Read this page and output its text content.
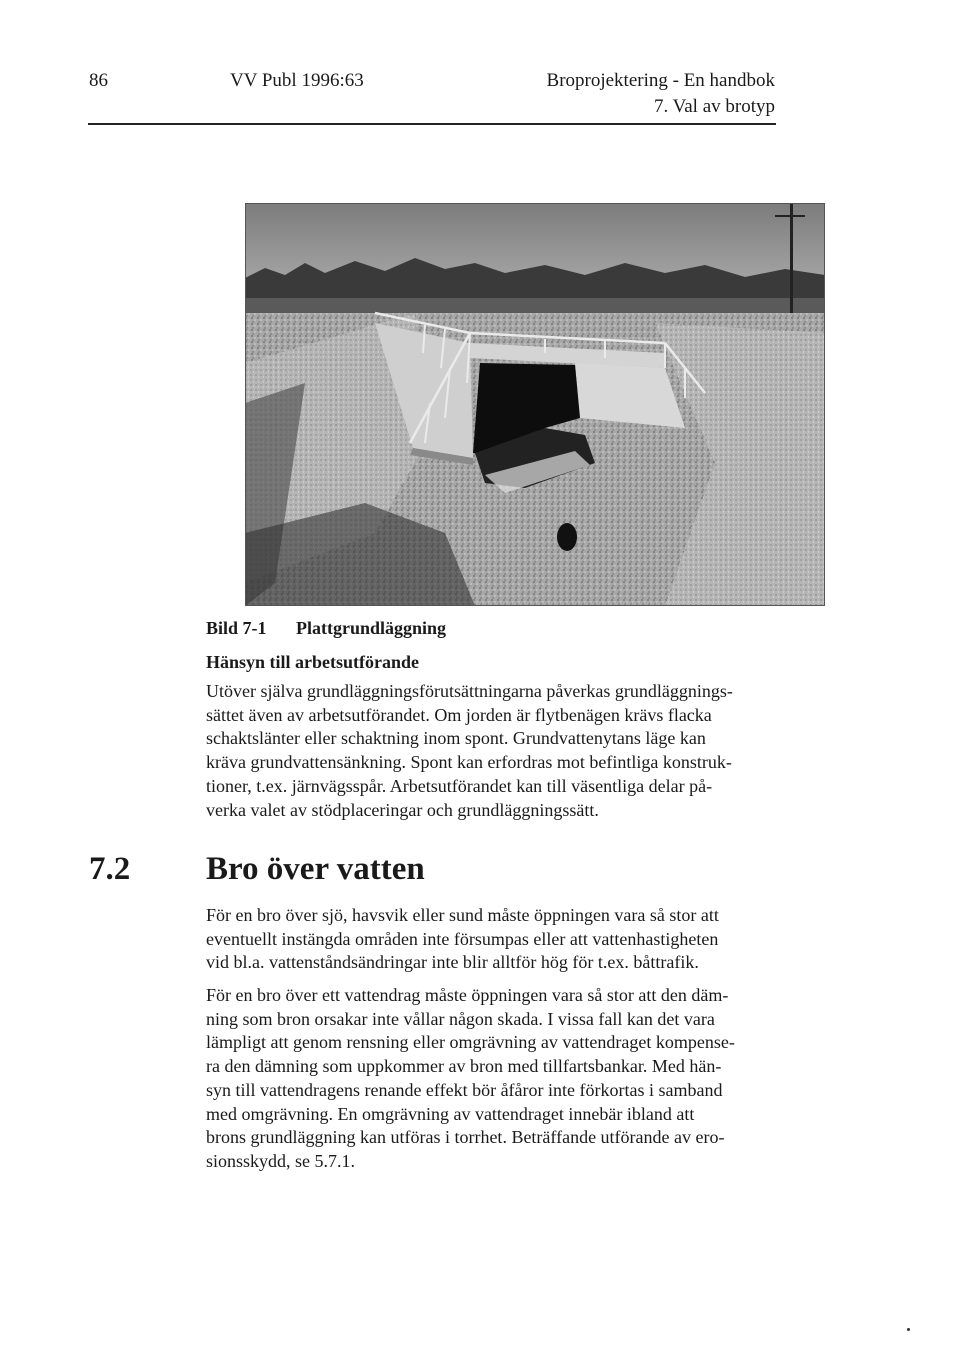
86	VV Publ 1996:63	Broprojektering - En handbok
7. Val av brotyp
Bild 7-1 Plattgrundläggning
Hänsyn till arbetsutförande
Utöver själva grundläggningsförutsättningarna påverkas grundläggnings-
sättet även av arbetsutförandet. Om jorden är flytbenägen krävs flacka
schaktslänter eller schaktning inom spont. Grundvattenytans läge kan
kräva grundvattensänkning. Spont kan erfordras mot befintliga konstruk-
tioner, t.ex. järnvägsspår. Arbetsutförandet kan till väsentliga delar på-
verka valet av stödplaceringar och grundläggningssätt.
7.2 Bro över vatten
För en bro över sjö, havsvik eller sund måste öppningen vara så stor att
eventuellt instängda områden inte försumpas eller att vattenhastigheten
vid bl.a. vattenståndsändringar inte blir alltför hög för t.ex. båttrafik.
För en bro över ett vattendrag måste öppningen vara så stor att den däm-
ning som bron orsakar inte vållar någon skada. I vissa fall kan det vara
lämpligt att genom rensning eller omgrävning av vattendraget kompense-
ra den dämning som uppkommer av bron med tillfartsbankar. Med hän-
syn till vattendragens renande effekt bör åfåror inte förkortas i samband
med omgrävning. En omgrävning av vattendraget innebär ibland att
brons grundläggning kan utföras i torrhet. Beträffande utförande av ero-
sionsskydd, se 5.7.1.
